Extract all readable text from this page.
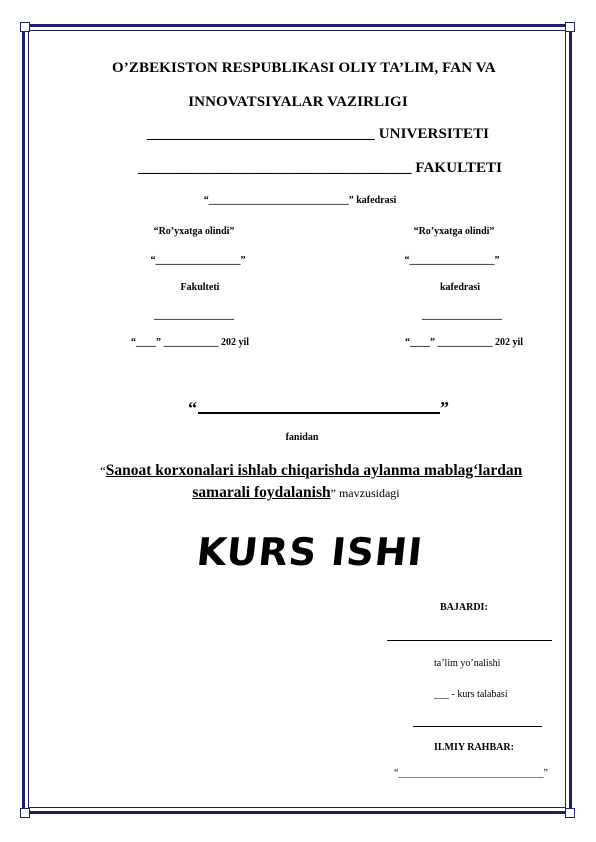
O’ZBEKISTON RESPUBLIKASI OLIY TA’LIM, FAN VA
INNOVATSIYALAR VAZIRLIGI
______________________________ UNIVERSITETI
____________________________________ FAKULTETI
“____________________________” kafedrasi
“Ro’yxatga olindi”
“_________________”
Fakulteti
________________
“____” ___________ 202 yil
“Ro’yxatga olindi”
“_________________”
kafedrasi
________________
“____” ___________ 202 yil
“	”
fanidan
“Sanoat korxonalari ishlab chiqarishda aylanma mablag‘lardan
samarali foydalanish” mavzusidagi
KURS ISHI
BAJARDI:
ta’lim yo’nalishi
___ - kurs talabasi
ILMIY RAHBAR:
“_____________________________”
